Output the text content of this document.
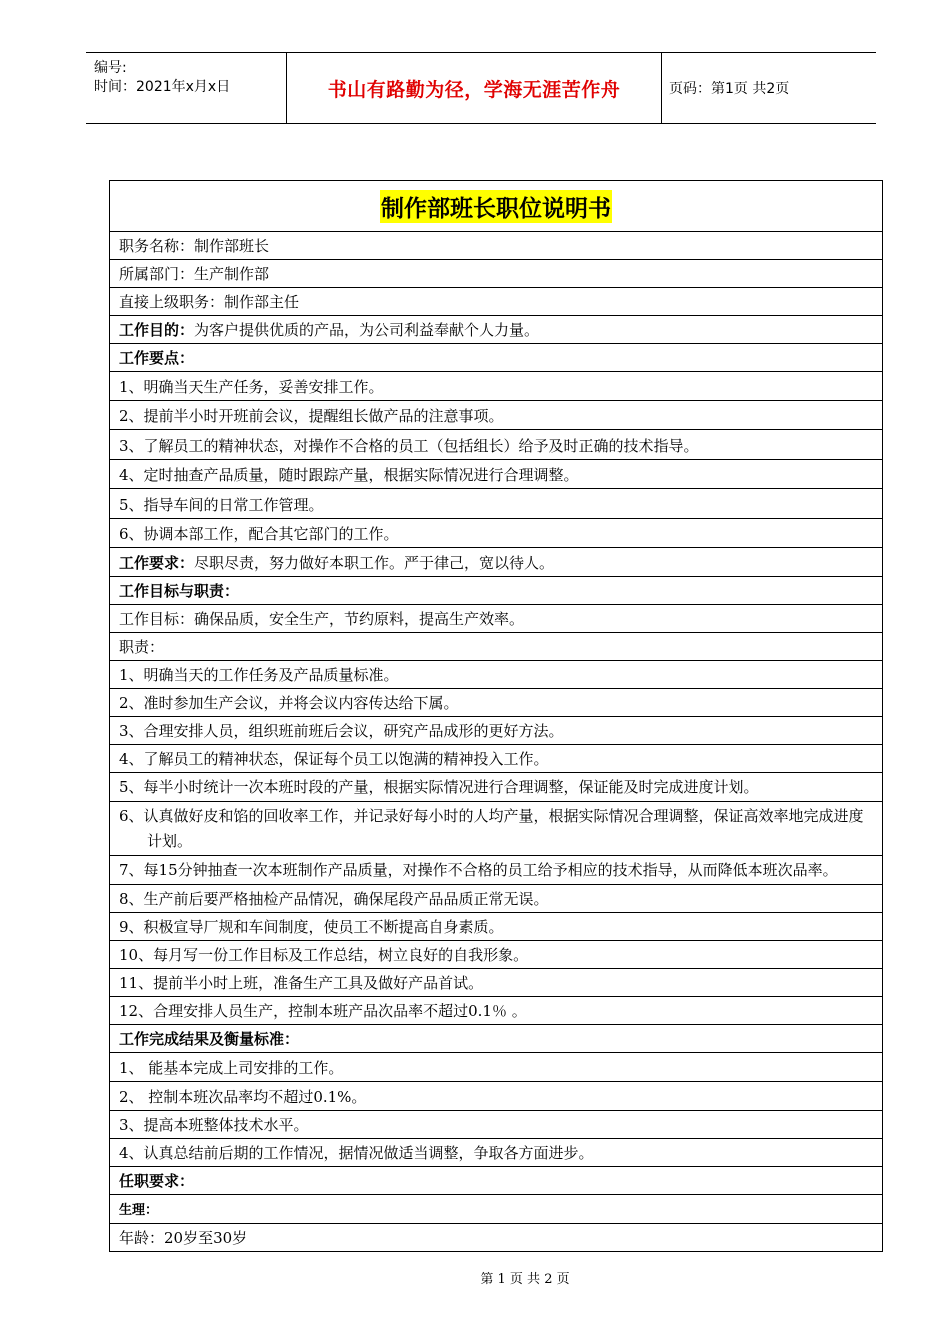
编号:
时间：2021年x月x日	书山有路勤为径，学海无涯苦作舟	页码：第1页 共2页
制作部班长职位说明书
职务名称：制作部班长
所属部门：生产制作部
直接上级职务：制作部主任
工作目的：为客户提供优质的产品，为公司利益奉献个人力量。
工作要点：
1、明确当天生产任务，妥善安排工作。
2、提前半小时开班前会议，提醒组长做产品的注意事项。
3、了解员工的精神状态，对操作不合格的员工（包括组长）给予及时正确的技术指导。
4、定时抽查产品质量，随时跟踪产量，根据实际情况进行合理调整。
5、指导车间的日常工作管理。
6、协调本部工作，配合其它部门的工作。
工作要求：尽职尽责，努力做好本职工作。严于律己，宽以待人。
工作目标与职责：
工作目标：确保品质，安全生产，节约原料，提高生产效率。
职责：
1、明确当天的工作任务及产品质量标准。
2、准时参加生产会议，并将会议内容传达给下属。
3、合理安排人员，组织班前班后会议，研究产品成形的更好方法。
4、了解员工的精神状态，保证每个员工以饱满的精神投入工作。
5、每半小时统计一次本班时段的产量，根据实际情况进行合理调整，保证能及时完成进度计划。
6、认真做好皮和馅的回收率工作，并记录好每小时的人均产量，根据实际情况合理调整，保证高效率地完成进度计划。
7、每15分钟抽查一次本班制作产品质量，对操作不合格的员工给予相应的技术指导，从而降低本班次品率。
8、生产前后要严格抽检产品情况，确保尾段产品品质正常无误。
9、积极宣导厂规和车间制度，使员工不断提高自身素质。
10、每月写一份工作目标及工作总结，树立良好的自我形象。
11、提前半小时上班，准备生产工具及做好产品首试。
12、合理安排人员生产，控制本班产品次品率不超过0.1％ 。
工作完成结果及衡量标准：
1、 能基本完成上司安排的工作。
2、 控制本班次品率均不超过0.1%。
3、提高本班整体技术水平。
4、认真总结前后期的工作情况，据情况做适当调整，争取各方面进步。
任职要求：
生理：
年龄：20岁至30岁
第 1 页 共 2 页
